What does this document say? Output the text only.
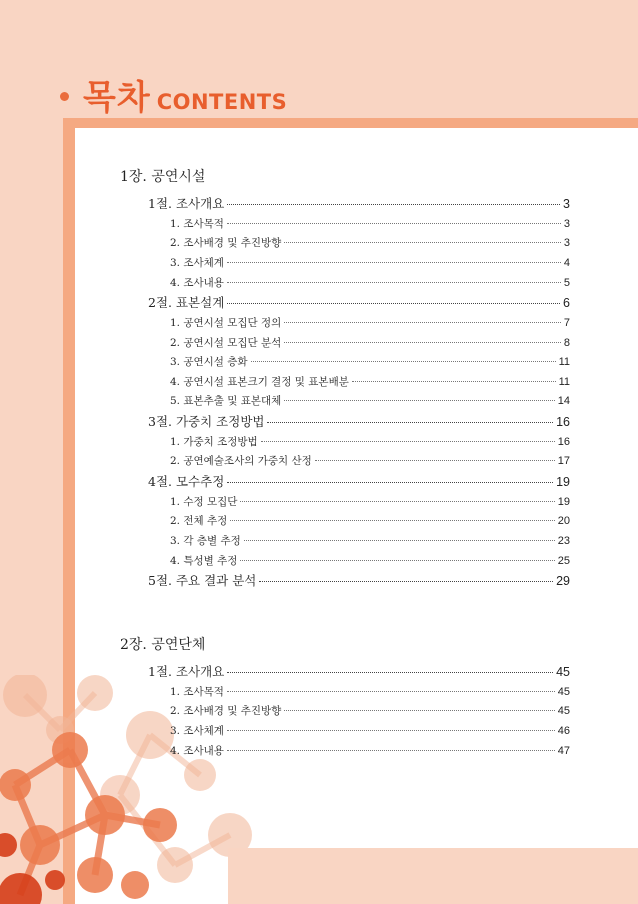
목차 CONTENTS
1장. 공연시설
1절. 조사개요	3
1. 조사목적	3
2. 조사배경 및 추진방향	3
3. 조사체계	4
4. 조사내용	5
2절. 표본설계	6
1. 공연시설 모집단 정의	7
2. 공연시설 모집단 분석	8
3. 공연시설 층화	11
4. 공연시설 표본크기 결정 및 표본배분	11
5. 표본추출 및 표본대체	14
3절. 가중치 조정방법	16
1. 가중치 조정방법	16
2. 공연예술조사의 가중치 산정	17
4절. 모수추정	19
1. 수정 모집단	19
2. 전체 추정	20
3. 각 층별 추정	23
4. 특성별 추정	25
5절. 주요 결과 분석	29
2장. 공연단체
1절. 조사개요	45
1. 조사목적	45
2. 조사배경 및 추진방향	45
3. 조사체계	46
4. 조사내용	47
